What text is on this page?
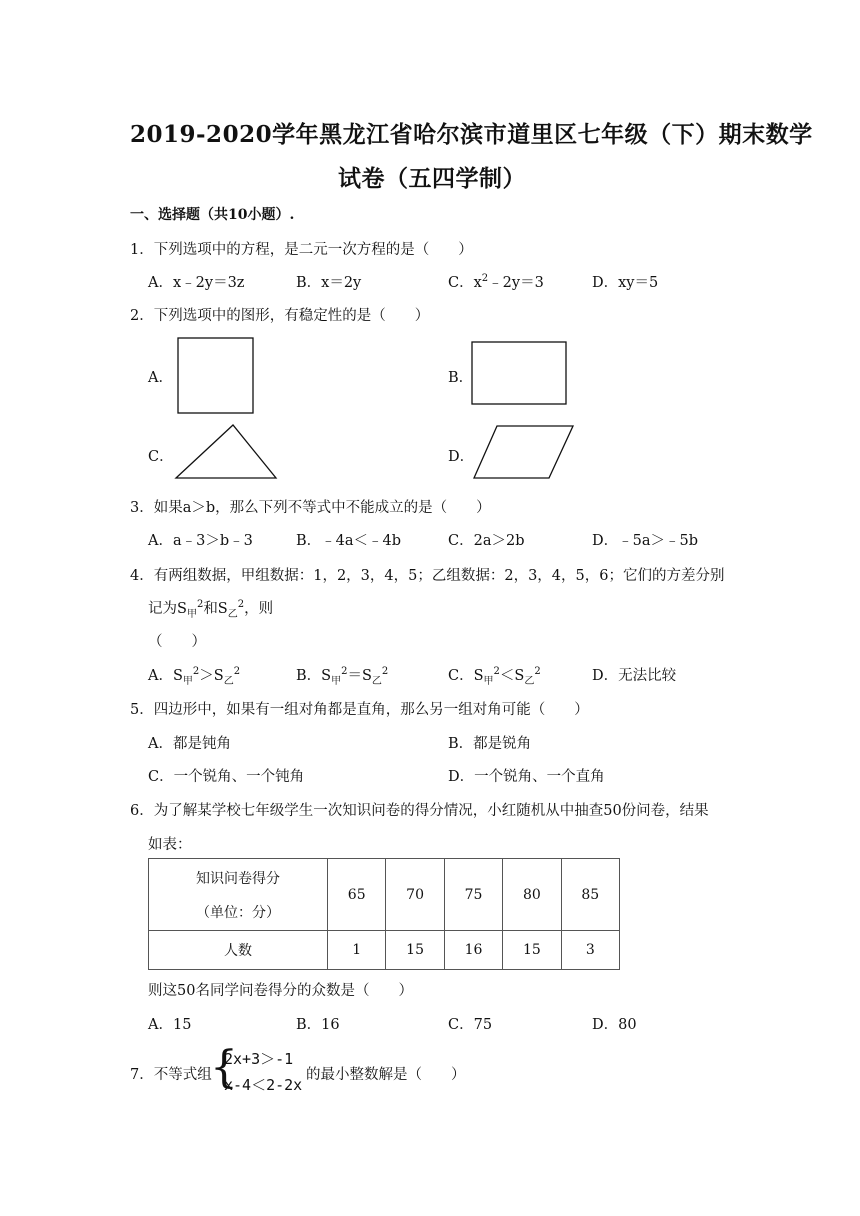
2019-2020学年黑龙江省哈尔滨市道里区七年级（下）期末数学
试卷（五四学制）
一、选择题（共10小题）.
1．下列选项中的方程，是二元一次方程的是（　　）
A．x﹣2y＝3z	B．x＝2y	C．$x^2﹣2y=3$	D．xy＝5
2．下列选项中的图形，有稳定性的是（　　）
A．	B．
C．	D．
3．如果a＞b，那么下列不等式中不能成立的是（　　）
A．a﹣3＞b﹣3	B．﹣4a＜﹣4b	C．2a＞2b	D．﹣5a＞﹣5b
4．有两组数据，甲组数据：1，2，3，4，5；乙组数据：2，3，4，5，6；它们的方差分别
记为$S_甲^2$和$S_乙^2$，则
（　　）
A．$S_甲^2>S_乙^2$	B．$S_甲^2=S_乙^2$	C．$S_甲^2<S_乙^2$	D．无法比较
5．四边形中，如果有一组对角都是直角，那么另一组对角可能（　　）
A．都是钝角	B．都是锐角
C．一个锐角、一个钝角	D．一个锐角、一个直角
6．为了解某学校七年级学生一次知识问卷的得分情况，小红随机从中抽查50份问卷，结果
如表：
知识问卷得分
（单位：分）	65	70	75	80	85
人数	1	15	16	15	3
则这50名同学问卷得分的众数是（　　）
A．15	B．16	C．75	D．80
7．不等式组
{
2x+3＞-1
x-4＜2-2x
的最小整数解是（　　）
